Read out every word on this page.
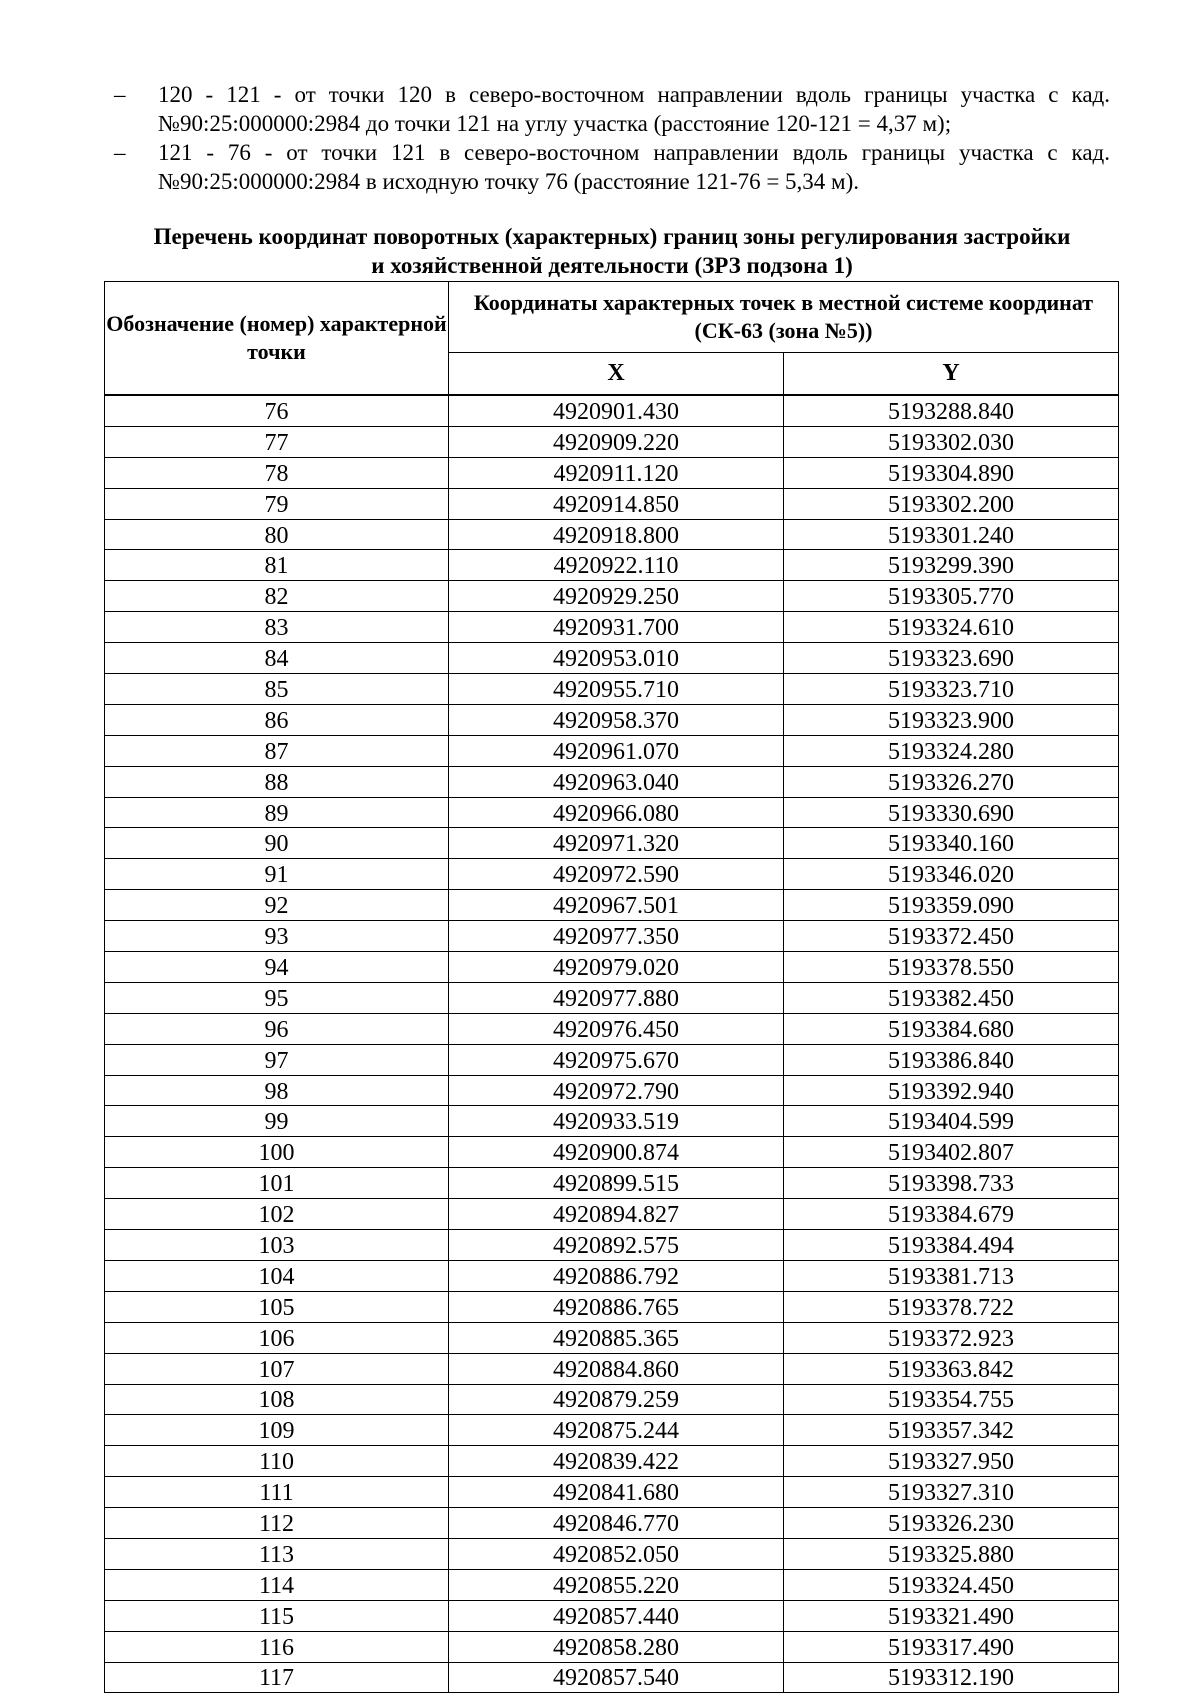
– 120 - 121 - от точки 120 в северо-восточном направлении вдоль границы участка с кад.
№90:25:000000:2984 до точки 121 на углу участка (расстояние 120-121 = 4,37 м);
– 121 - 76 - от точки 121 в северо-восточном направлении вдоль границы участка с кад.
№90:25:000000:2984 в исходную точку 76 (расстояние 121-76 = 5,34 м).
Перечень координат поворотных (характерных) границ зоны регулирования застройки
и хозяйственной деятельности (ЗРЗ подзона 1)
Обозначение (номер) характерной точки	Координаты характерных точек в местной системе координат (СК-63 (зона №5))	
	X	Y
76	4920901.430	5193288.840
77	4920909.220	5193302.030
78	4920911.120	5193304.890
79	4920914.850	5193302.200
80	4920918.800	5193301.240
81	4920922.110	5193299.390
82	4920929.250	5193305.770
83	4920931.700	5193324.610
84	4920953.010	5193323.690
85	4920955.710	5193323.710
86	4920958.370	5193323.900
87	4920961.070	5193324.280
88	4920963.040	5193326.270
89	4920966.080	5193330.690
90	4920971.320	5193340.160
91	4920972.590	5193346.020
92	4920967.501	5193359.090
93	4920977.350	5193372.450
94	4920979.020	5193378.550
95	4920977.880	5193382.450
96	4920976.450	5193384.680
97	4920975.670	5193386.840
98	4920972.790	5193392.940
99	4920933.519	5193404.599
100	4920900.874	5193402.807
101	4920899.515	5193398.733
102	4920894.827	5193384.679
103	4920892.575	5193384.494
104	4920886.792	5193381.713
105	4920886.765	5193378.722
106	4920885.365	5193372.923
107	4920884.860	5193363.842
108	4920879.259	5193354.755
109	4920875.244	5193357.342
110	4920839.422	5193327.950
111	4920841.680	5193327.310
112	4920846.770	5193326.230
113	4920852.050	5193325.880
114	4920855.220	5193324.450
115	4920857.440	5193321.490
116	4920858.280	5193317.490
117	4920857.540	5193312.190
